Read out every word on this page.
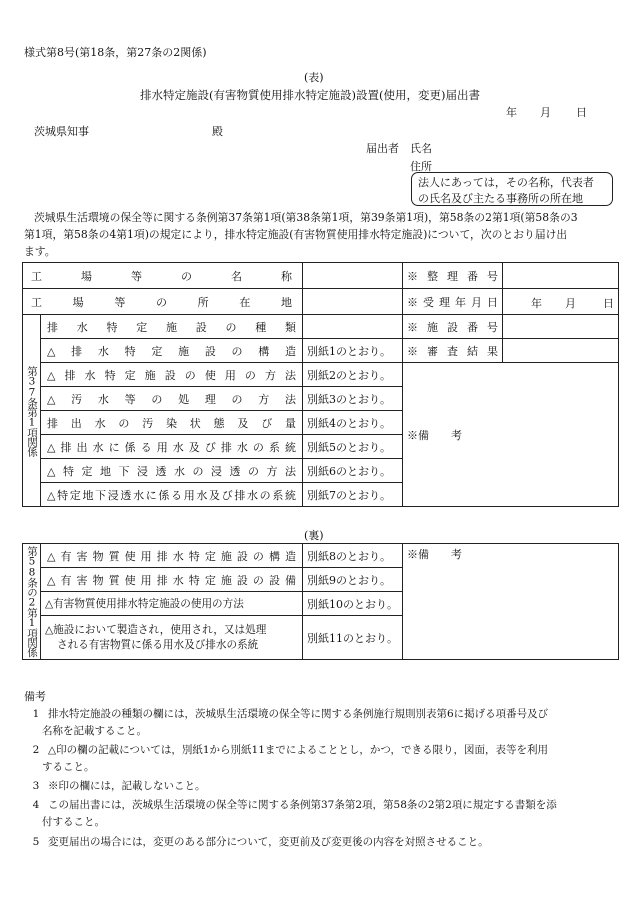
様式第8号(第18条，第27条の2関係)
(表)
排水特定施設(有害物質使用排水特定施設)設置(使用，変更)届出書
年 月 日
茨城県知事	殿
届出者 氏名
住所
法人にあっては，その名称，代表者
の氏名及び主たる事務所の所在地
茨城県生活環境の保全等に関する条例第37条第1項(第38条第1項，第39条第1項)，第58条の2第1項(第58条の3
第1項，第58条の4第1項)の規定により，排水特定施設(有害物質使用排水特定施設)について，次のとおり届け出
ます。
工場等の名称			※整理番号	
工場等の所在地			※受理年月日	年 月 日

第37条第1項関係	排水特定施設の種類		※施設番号	
	△排水特定施設の構造	別紙1のとおり。	※審査結果	
	△排水特定施設の使用の方法	別紙2のとおり。	※備　　考	
	△汚水等の処理の方法	別紙3のとおり。		
	排出水の汚染状態及び量	別紙4のとおり。		
	△排出水に係る用水及び排水の系統	別紙5のとおり。		
	△特定地下浸透水の浸透の方法	別紙6のとおり。		
	△特定地下浸透水に係る用水及び排水の系統	別紙7のとおり。		
(裏)
第58条の2第1項関係	△有害物質使用排水特定施設の構造	別紙8のとおり。	※備　　考
	△有害物質使用排水特定施設の設備	別紙9のとおり。	
	△有害物質使用排水特定施設の使用の方法	別紙10のとおり。	

	△施設において製造され，使用され，又は処理
される有害物質に係る用水及び排水の系統	別紙11のとおり。	
備考
1 排水特定施設の種類の欄には，茨城県生活環境の保全等に関する条例施行規則別表第6に掲げる項番号及び
名称を記載すること。
2 △印の欄の記載については，別紙1から別紙11までによることとし，かつ，できる限り，図面，表等を利用
すること。
3 ※印の欄には，記載しないこと。
4 この届出書には，茨城県生活環境の保全等に関する条例第37条第2項，第58条の2第2項に規定する書類を添
付すること。
5 変更届出の場合には，変更のある部分について，変更前及び変更後の内容を対照させること。
